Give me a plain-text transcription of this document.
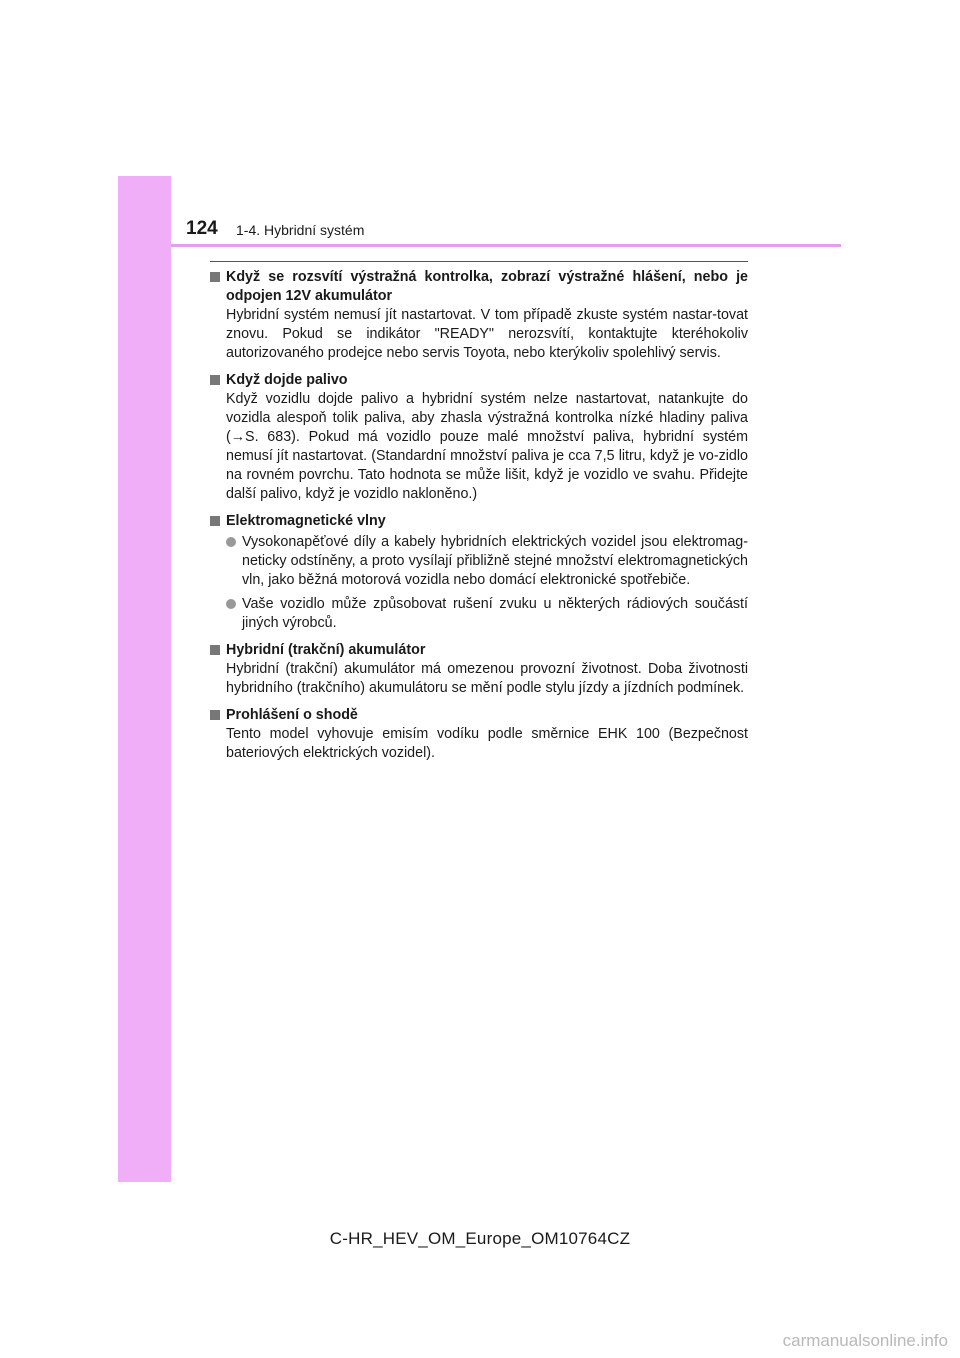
124 1-4. Hybridní systém
Když se rozsvítí výstražná kontrolka, zobrazí výstražné hlášení, nebo je odpojen 12V akumulátor
Hybridní systém nemusí jít nastartovat. V tom případě zkuste systém nastar-tovat znovu. Pokud se indikátor "READY" nerozsvítí, kontaktujte kteréhokoliv autorizovaného prodejce nebo servis Toyota, nebo kterýkoliv spolehlivý servis.
Když dojde palivo
Když vozidlu dojde palivo a hybridní systém nelze nastartovat, natankujte do vozidla alespoň tolik paliva, aby zhasla výstražná kontrolka nízké hladiny paliva (→S. 683). Pokud má vozidlo pouze malé množství paliva, hybridní systém nemusí jít nastartovat. (Standardní množství paliva je cca 7,5 litru, když je vo-zidlo na rovném povrchu. Tato hodnota se může lišit, když je vozidlo ve svahu. Přidejte další palivo, když je vozidlo nakloněno.)
Elektromagnetické vlny
Vysokonapěťové díly a kabely hybridních elektrických vozidel jsou elektromag-neticky odstíněny, a proto vysílají přibližně stejné množství elektromagnetických vln, jako běžná motorová vozidla nebo domácí elektronické spotřebiče.
Vaše vozidlo může způsobovat rušení zvuku u některých rádiových součástí jiných výrobců.
Hybridní (trakční) akumulátor
Hybridní (trakční) akumulátor má omezenou provozní životnost. Doba životnosti hybridního (trakčního) akumulátoru se mění podle stylu jízdy a jízdních podmínek.
Prohlášení o shodě
Tento model vyhovuje emisím vodíku podle směrnice EHK 100 (Bezpečnost bateriových elektrických vozidel).
C-HR_HEV_OM_Europe_OM10764CZ
carmanualsonline.info
